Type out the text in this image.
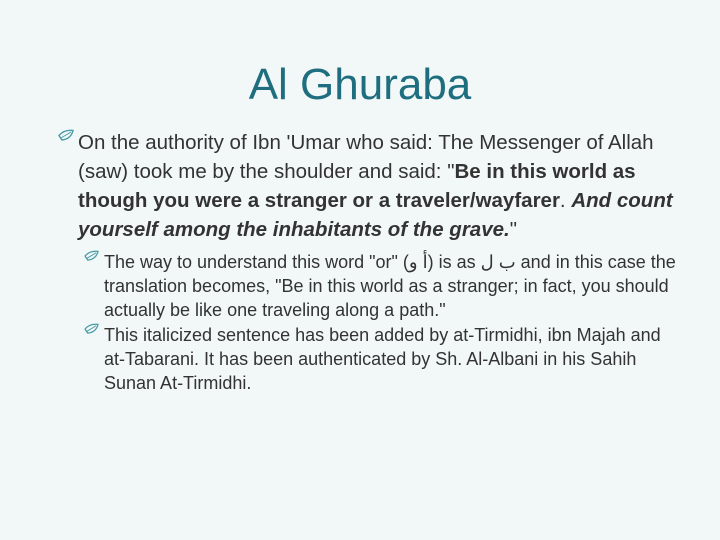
Al Ghuraba
On the authority of Ibn 'Umar who said: The Messenger of Allah (saw) took me by the shoulder and said: "Be in this world as though you were a stranger or a traveler/wayfarer. And count yourself among the inhabitants of the grave."
The way to understand this word "or" (أ و) is as ب ل and in this case the translation becomes, "Be in this world as a stranger; in fact, you should actually be like one traveling along a path."
This italicized sentence has been added by at-Tirmidhi, ibn Majah and at-Tabarani. It has been authenticated by Sh. Al-Albani in his Sahih Sunan At-Tirmidhi.
